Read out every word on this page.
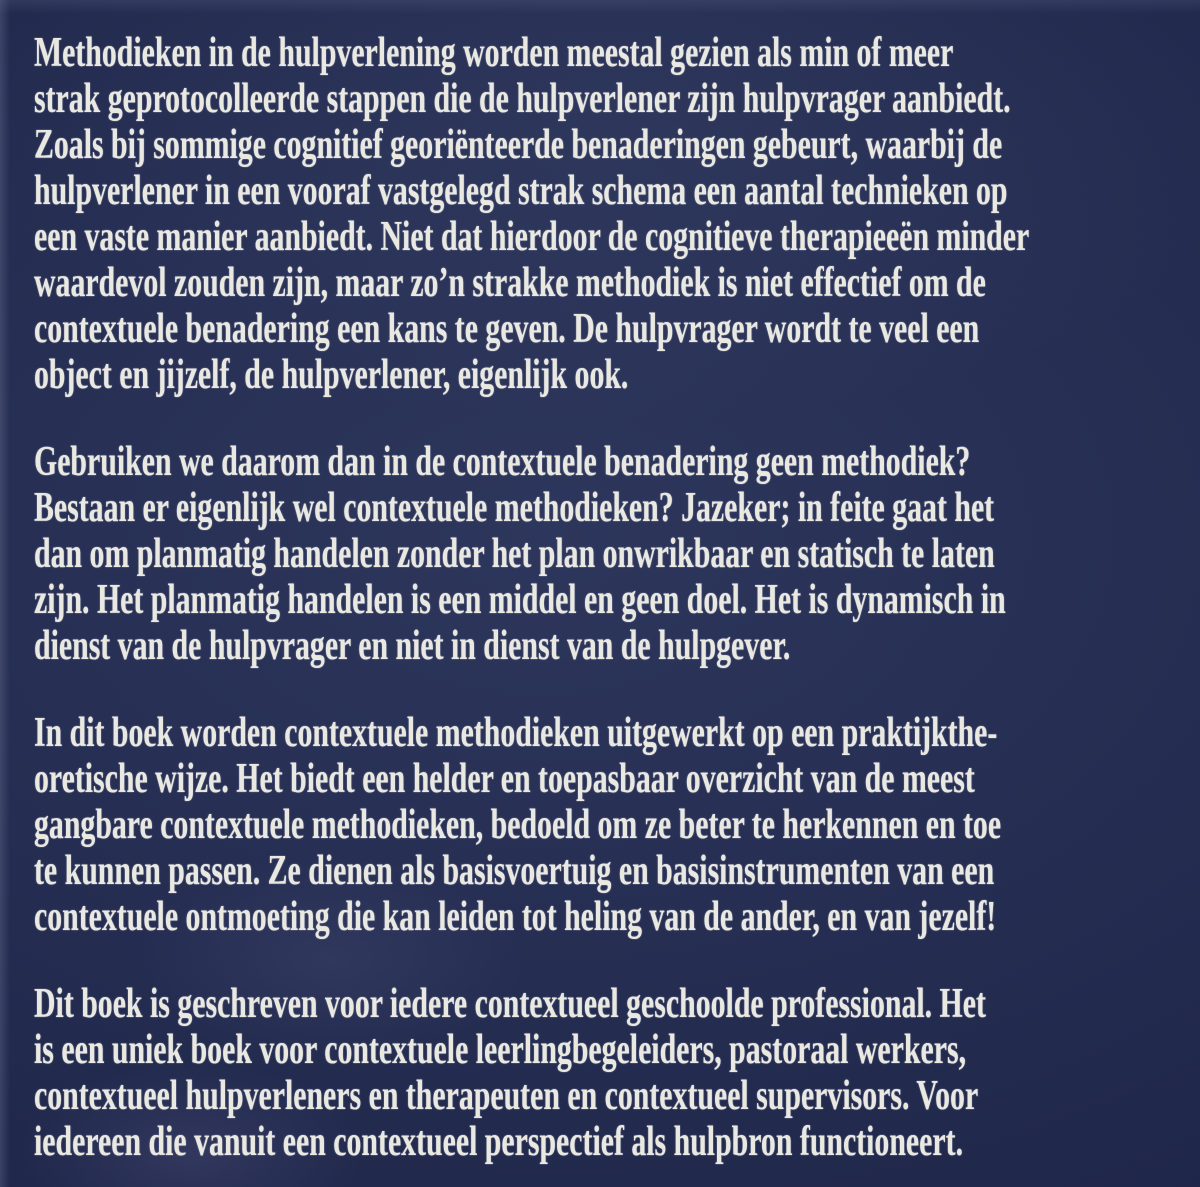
Methodieken in de hulpverlening worden meestal gezien als min of meer
strak geprotocolleerde stappen die de hulpverlener zijn hulpvrager aanbiedt.
Zoals bij sommige cognitief georiënteerde benaderingen gebeurt, waarbij de
hulpverlener in een vooraf vastgelegd strak schema een aantal technieken op
een vaste manier aanbiedt. Niet dat hierdoor de cognitieve therapieeën minder
waardevol zouden zijn, maar zo’n strakke methodiek is niet effectief om de
contextuele benadering een kans te geven. De hulpvrager wordt te veel een
object en jijzelf, de hulpverlener, eigenlijk ook.

Gebruiken we daarom dan in de contextuele benadering geen methodiek?
Bestaan er eigenlijk wel contextuele methodieken? Jazeker; in feite gaat het
dan om planmatig handelen zonder het plan onwrikbaar en statisch te laten
zijn. Het planmatig handelen is een middel en geen doel. Het is dynamisch in
dienst van de hulpvrager en niet in dienst van de hulpgever.

In dit boek worden contextuele methodieken uitgewerkt op een praktijkthe-
oretische wijze. Het biedt een helder en toepasbaar overzicht van de meest
gangbare contextuele methodieken, bedoeld om ze beter te herkennen en toe
te kunnen passen. Ze dienen als basisvoertuig en basisinstrumenten van een
contextuele ontmoeting die kan leiden tot heling van de ander, en van jezelf!

Dit boek is geschreven voor iedere contextueel geschoolde professional. Het
is een uniek boek voor contextuele leerlingbegeleiders, pastoraal werkers,
contextueel hulpverleners en therapeuten en contextueel supervisors. Voor
iedereen die vanuit een contextueel perspectief als hulpbron functioneert.
